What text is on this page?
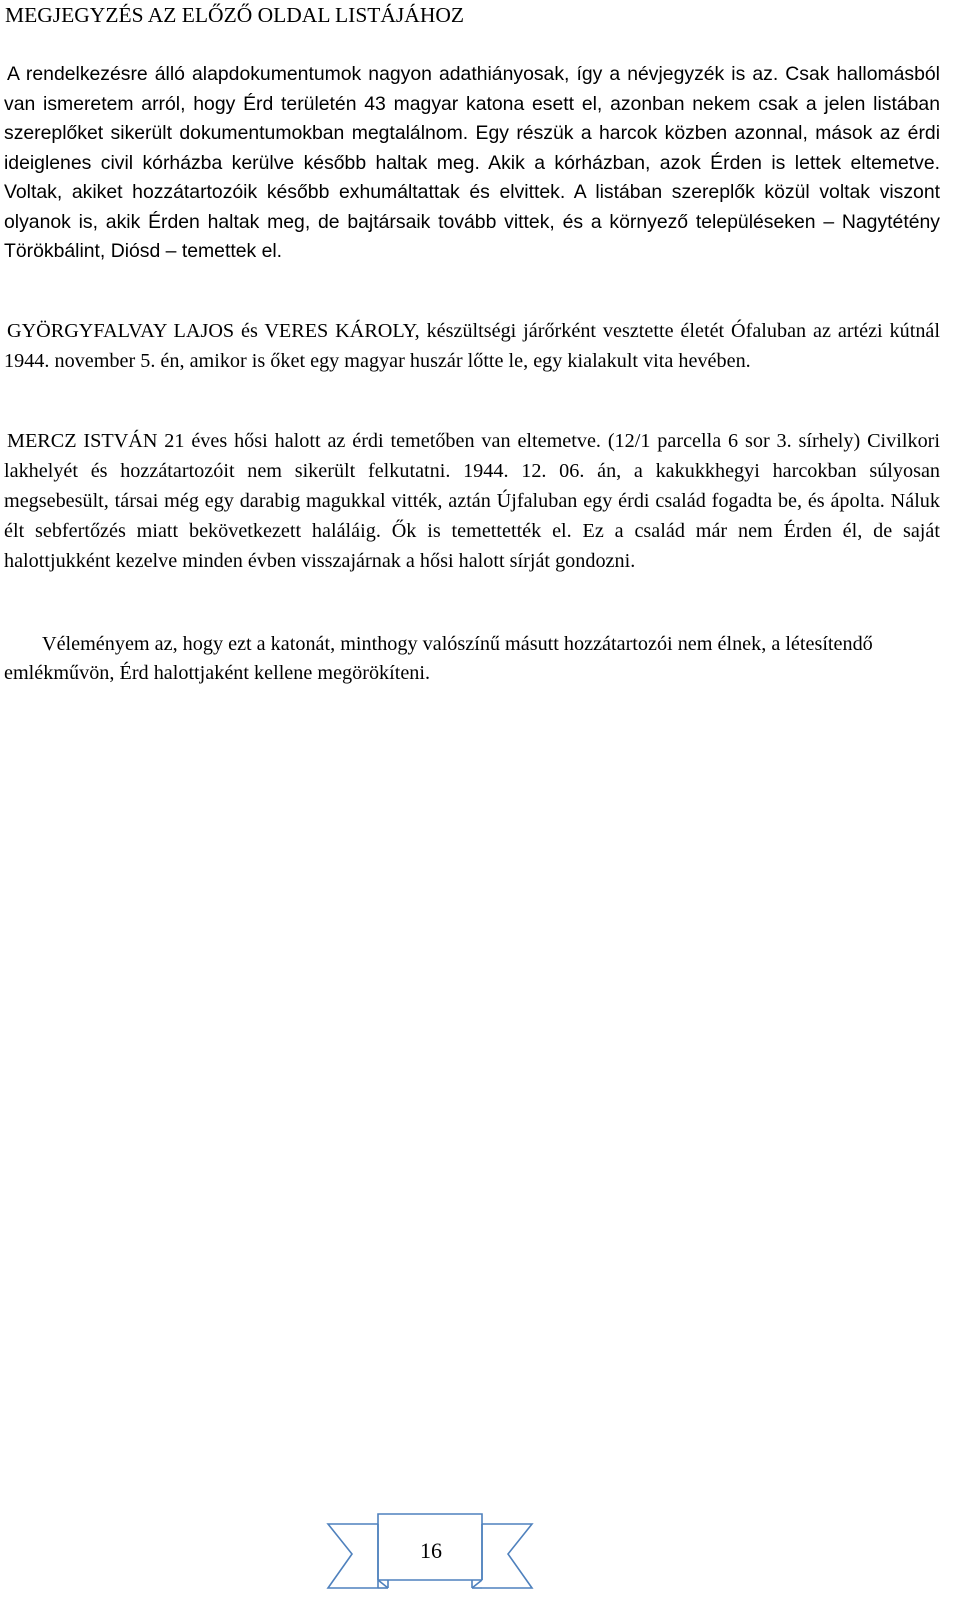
MEGJEGYZÉS AZ ELŐZŐ OLDAL LISTÁJÁHOZ

A rendelkezésre álló alapdokumentumok nagyon adathiányosak, így a névjegyzék is az. Csak hallomásból van ismeretem arról, hogy Érd területén 43 magyar katona esett el, azonban nekem csak a jelen listában szereplőket sikerült dokumentumokban megtalálnom. Egy részük a harcok közben azonnal, mások az érdi ideiglenes civil kórházba kerülve később haltak meg. Akik a kórházban, azok Érden is lettek eltemetve. Voltak, akiket hozzátartozóik később exhumáltattak és elvittek. A listában szereplők közül voltak viszont olyanok is, akik Érden haltak meg, de bajtársaik tovább vittek, és a környező településeken – Nagytétény Törökbálint, Diósd – temettek el.

GYÖRGYFALVAY LAJOS és VERES KÁROLY, készültségi járőrként vesztette életét Ófaluban az artézi kútnál 1944. november 5. én, amikor is őket egy magyar huszár lőtte le, egy kialakult vita hevében.

MERCZ ISTVÁN 21 éves hősi halott az érdi temetőben van eltemetve. (12/1 parcella 6 sor 3. sírhely) Civilkori lakhelyét és hozzátartozóit nem sikerült felkutatni. 1944. 12. 06. án, a kakukkhegyi harcokban súlyosan megsebesült, társai még egy darabig magukkal vitték, aztán Újfaluban egy érdi család fogadta be, és ápolta. Náluk élt sebfertőzés miatt bekövetkezett haláláig. Ők is temettették el. Ez a család már nem Érden él, de saját halottjukként kezelve minden évben visszajárnak a hősi halott sírját gondozni.

Véleményem az, hogy ezt a katonát, minthogy valószínű másutt hozzátartozói nem élnek, a létesítendő emlékművön, Érd halottjaként kellene megörökíteni.

16
